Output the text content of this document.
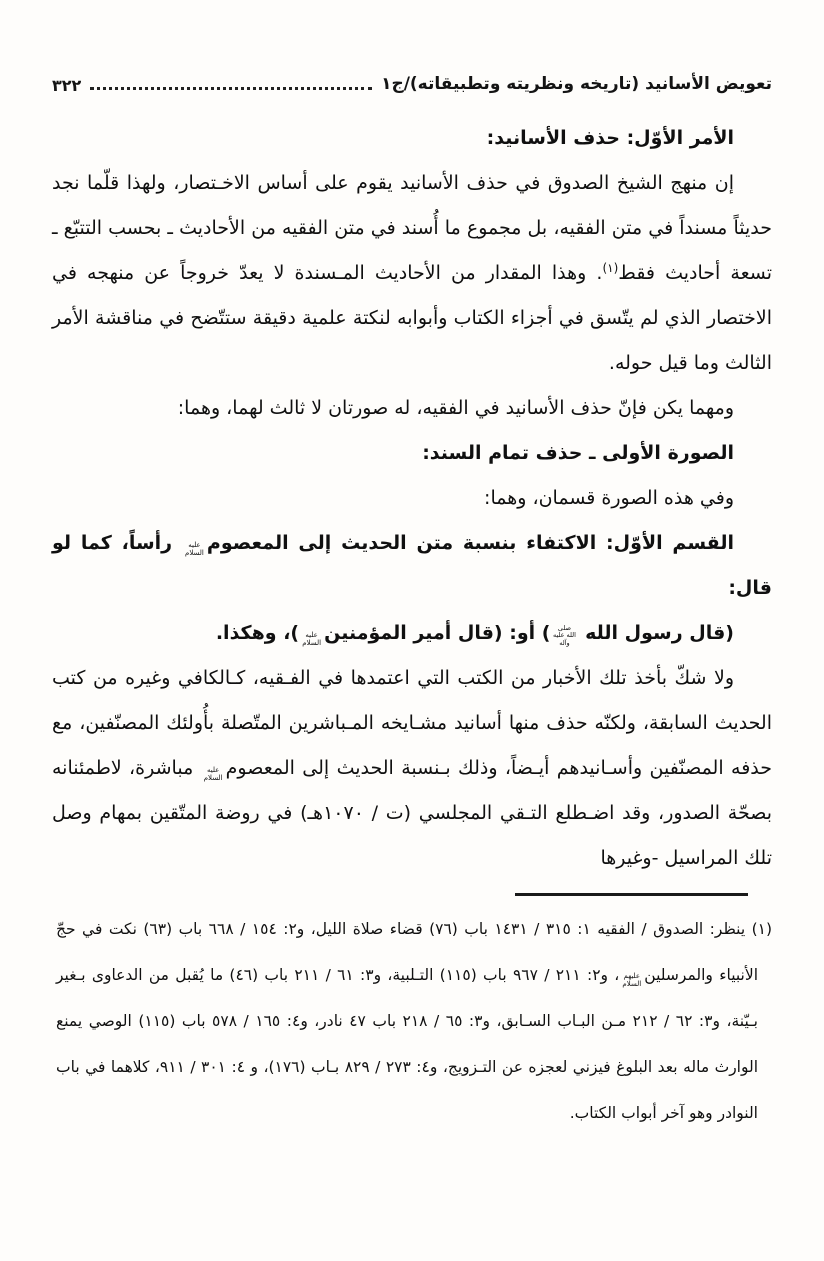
تعويض الأسانيد (تاريخه ونظريته وتطبيقاته)/ج١
٣٢٢
الأمر الأوّل: حذف الأسانيد:

إن منهج الشيخ الصدوق في حذف الأسانيد يقوم على أساس الاخـتصار، ولهذا قلّما نجد حديثاً مسنداً في متن الفقيه، بل مجموع ما أُسند في متن الفقيه من الأحاديث ـ بحسب التتبّع ـ تسعة أحاديث فقط$^{(١)}$. وهذا المقدار من الأحاديث المـسندة لا يعدّ خروجاً عن منهجه في الاختصار الذي لم يتّسق في أجزاء الكتاب وأبوابه لنكتة علمية دقيقة ستتّضح في مناقشة الأمر الثالث وما قيل حوله.

ومهما يكن فإنّ حذف الأسانيد في الفقيه، له صورتان لا ثالث لهما، وهما:

الصورة الأولى ـ حذف تمام السند:

وفي هذه الصورة قسمان، وهما:

القسم الأوّل: الاكتفاء بنسبة متن الحديث إلى المعصومعليه السلام رأساً، كما لو قال:

(قال رسول الله صلى الله عليه وآله) أو: (قال أمير المؤمنينعليه السلام)، وهكذا.

ولا شكّ بأخذ تلك الأخبار من الكتب التي اعتمدها في الفـقيه، كـالكافي وغيره من كتب الحديث السابقة، ولكنّه حذف منها أسانيد مشـايخه المـباشرين المتّصلة بأُولئك المصنّفين، مع حذفه المصنّفين وأسـانيدهم أيـضاً، وذلك بـنسبة الحديث إلى المعصومعليه السلام مباشرة، لاطمئنانه بصحّة الصدور، وقد اضـطلع التـقي المجلسي (ت / ١٠٧٠هـ) في روضة المتّقين بمهام وصل تلك المراسيل -وغيرها

(١) ينظر: الصدوق / الفقيه ١: ٣١٥ / ١٤٣١ باب (٧٦) قضاء صلاة الليل، و٢: ١٥٤ / ٦٦٨ باب (٦٣) نكت في حجّ الأنبياء والمرسلينعليهم السلام، و٢: ٢١١ / ٩٦٧ باب (١١٥) التـلبية، و٣: ٦١ / ٢١١ باب (٤٦) ما يُقبل من الدعاوى بـغير بـيّنة، و٣: ٦٢ / ٢١٢ مـن البـاب السـابق، و٣: ٦٥ / ٢١٨ باب ٤٧ نادر، و٤: ١٦٥ / ٥٧٨ باب (١١٥) الوصي يمنع الوارث ماله بعد البلوغ فيزني لعجزه عن التـزويج، و٤: ٢٧٣ / ٨٢٩ بـاب (١٧٦)، و ٤: ٣٠١ / ٩١١، كلاهما في باب النوادر وهو آخر أبواب الكتاب.
